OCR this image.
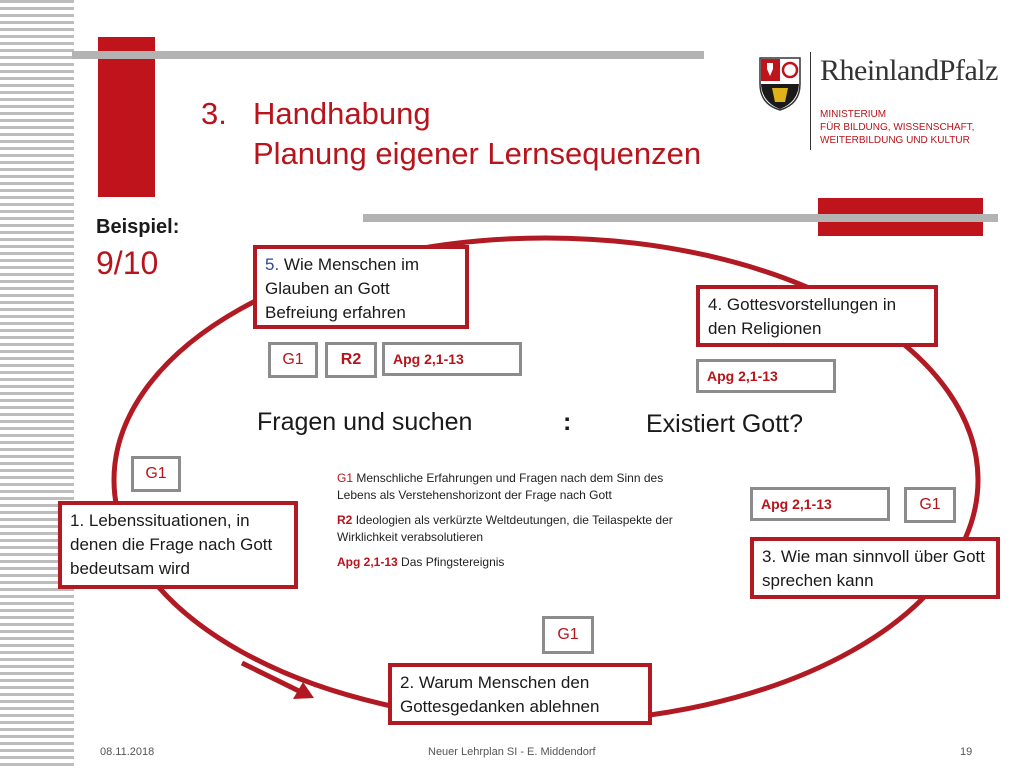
3. Handhabung
Planung eigener Lernsequenzen
RheinlandPfalz
MINISTERIUM
FÜR BILDUNG, WISSENSCHAFT,
WEITERBILDUNG UND KULTUR
Beispiel:
9/10	5. Wie Menschen im Glauben an Gott Befreiung erfahren	4. Gottesvorstellungen in den Religionen
1. Lebenssituationen, in denen die Frage nach Gott bedeutsam wird
3. Wie man sinnvoll über Gott sprechen kann
2. Warum Menschen den Gottesgedanken ablehnen
G1	R2	Apg 2,1-13
Apg 2,1-13
G1
Apg 2,1-13	G1
G1
Fragen und suchen	:	Existiert Gott?
G1 Menschliche Erfahrungen und Fragen nach dem Sinn des Lebens als Verstehenshorizont der Frage nach Gott
R2 Ideologien als verkürzte Weltdeutungen, die Teilaspekte der Wirklichkeit verabsolutieren
Apg 2,1-13 Das Pfingstereignis
08.11.2018	Neuer Lehrplan SI - E. Middendorf	19
